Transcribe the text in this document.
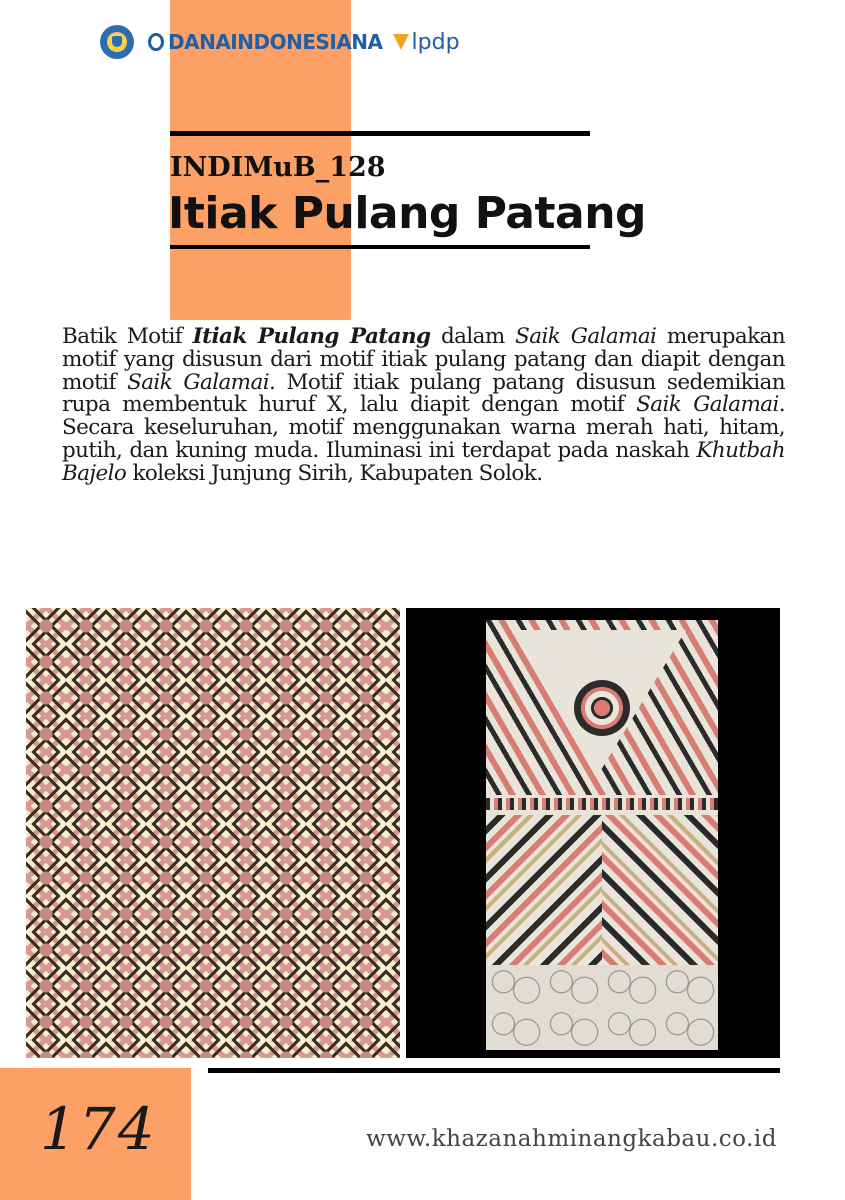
DANAINDONESIANA lpdp
INDIMuB_128
Itiak Pulang Patang

Batik Motif Itiak Pulang Patang dalam Saik Galamai merupakan motif yang disusun dari motif itiak pulang patang dan diapit dengan motif Saik Galamai. Motif itiak pulang patang disusun sedemikian rupa membentuk huruf X, lalu diapit dengan motif Saik Galamai. Secara keseluruhan, motif menggunakan warna merah hati, hitam, putih, dan kuning muda. Iluminasi ini terdapat pada naskah Khutbah Bajelo koleksi Junjung Sirih, Kabupaten Solok.

174	www.khazanahminangkabau.co.id
